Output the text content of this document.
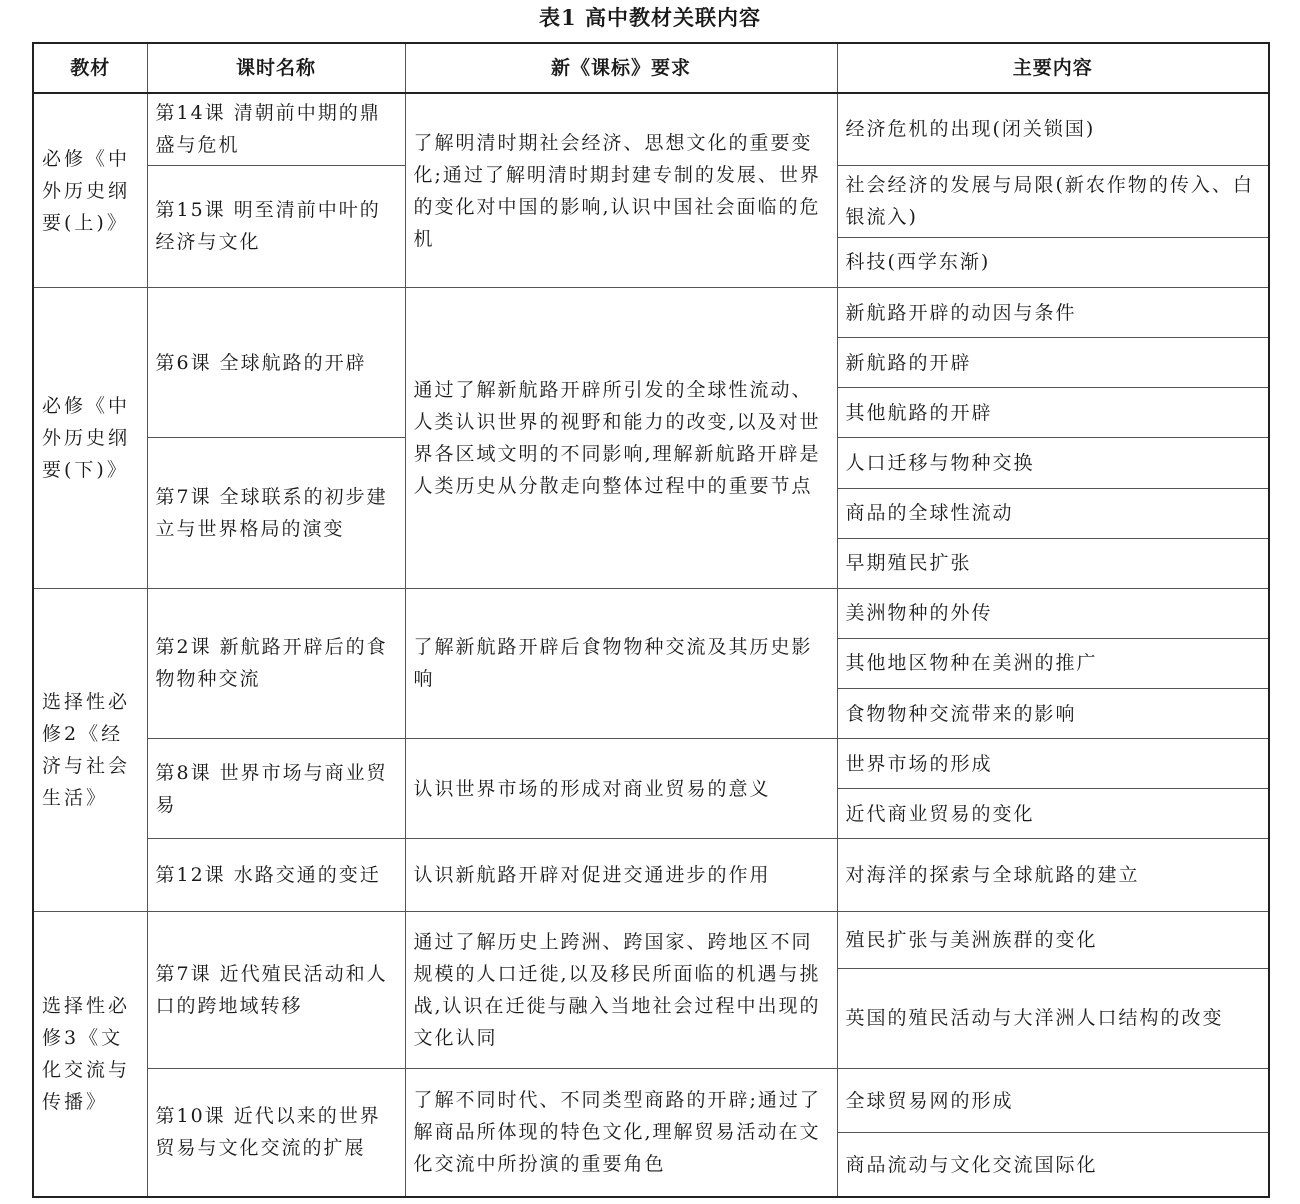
表1 高中教材关联内容
教材	课时名称	新《课标》要求	主要内容
必修《中外历史纲要(上)》	第14课 清朝前中期的鼎盛与危机	了解明清时期社会经济、思想文化的重要变化;通过了解明清时期封建专制的发展、世界的变化对中国的影响,认识中国社会面临的危机	经济危机的出现(闭关锁国)
	第15课 明至清前中叶的经济与文化		社会经济的发展与局限(新农作物的传入、白银流入)
			科技(西学东渐)
必修《中外历史纲要(下)》	第6课 全球航路的开辟	通过了解新航路开辟所引发的全球性流动、人类认识世界的视野和能力的改变,以及对世界各区域文明的不同影响,理解新航路开辟是人类历史从分散走向整体过程中的重要节点	新航路开辟的动因与条件
			新航路的开辟
			其他航路的开辟
	第7课 全球联系的初步建立与世界格局的演变		人口迁移与物种交换
			商品的全球性流动
			早期殖民扩张
选择性必修2《经济与社会生活》	第2课 新航路开辟后的食物物种交流	了解新航路开辟后食物物种交流及其历史影响	美洲物种的外传
			其他地区物种在美洲的推广
			食物物种交流带来的影响
	第8课 世界市场与商业贸易	认识世界市场的形成对商业贸易的意义	世界市场的形成
			近代商业贸易的变化
	第12课 水路交通的变迁	认识新航路开辟对促进交通进步的作用	对海洋的探索与全球航路的建立
选择性必修3《文化交流与传播》	第7课 近代殖民活动和人口的跨地域转移	通过了解历史上跨洲、跨国家、跨地区不同规模的人口迁徙,以及移民所面临的机遇与挑战,认识在迁徙与融入当地社会过程中出现的文化认同	殖民扩张与美洲族群的变化
			英国的殖民活动与大洋洲人口结构的改变
	第10课 近代以来的世界贸易与文化交流的扩展	了解不同时代、不同类型商路的开辟;通过了解商品所体现的特色文化,理解贸易活动在文化交流中所扮演的重要角色	全球贸易网的形成
			商品流动与文化交流国际化
